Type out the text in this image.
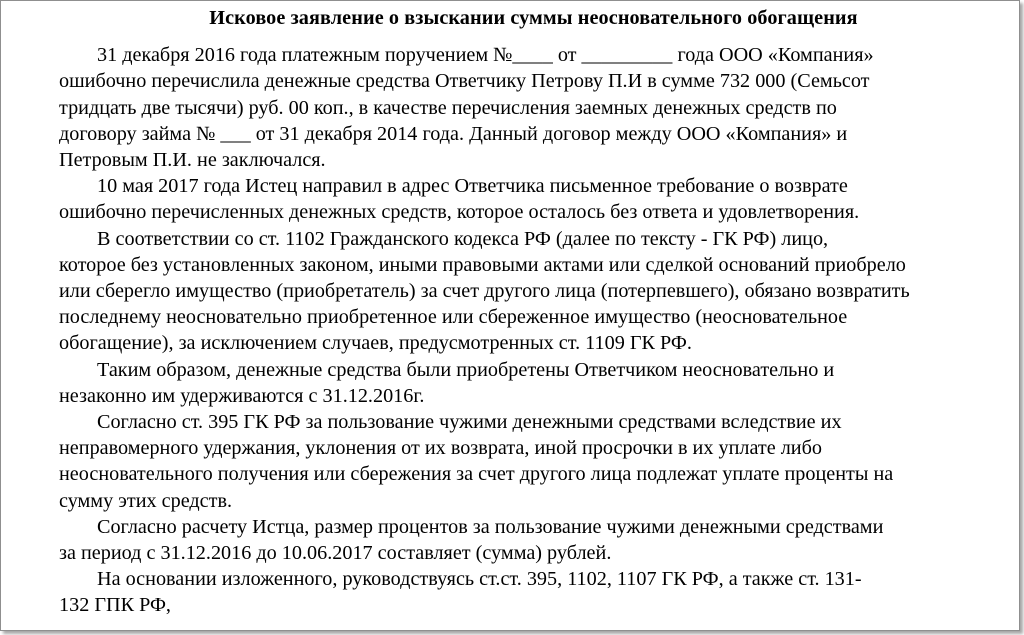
Исковое заявление о взыскании суммы неосновательного обогащения
31 декабря 2016 года платежным поручением №____ от _________ года ООО «Компания»
ошибочно перечислила денежные средства Ответчику Петрову П.И в сумме 732 000 (Семьсот
тридцать две тысячи) руб. 00 коп., в качестве перечисления заемных денежных средств по
договору займа № ___ от 31 декабря 2014 года. Данный договор между ООО «Компания» и
Петровым П.И. не заключался.
10 мая 2017 года Истец направил в адрес Ответчика письменное требование о возврате
ошибочно перечисленных денежных средств, которое осталось без ответа и удовлетворения.
В соответствии со ст. 1102 Гражданского кодекса РФ (далее по тексту - ГК РФ) лицо,
которое без установленных законом, иными правовыми актами или сделкой оснований приобрело
или сберегло имущество (приобретатель) за счет другого лица (потерпевшего), обязано возвратить
последнему неосновательно приобретенное или сбереженное имущество (неосновательное
обогащение), за исключением случаев, предусмотренных ст. 1109 ГК РФ.
Таким образом, денежные средства были приобретены Ответчиком неосновательно и
незаконно им удерживаются с 31.12.2016г.
Согласно ст. 395 ГК РФ за пользование чужими денежными средствами вследствие их
неправомерного удержания, уклонения от их возврата, иной просрочки в их уплате либо
неосновательного получения или сбережения за счет другого лица подлежат уплате проценты на
сумму этих средств.
Согласно расчету Истца, размер процентов за пользование чужими денежными средствами
за период с 31.12.2016 до 10.06.2017 составляет (сумма) рублей.
На основании изложенного, руководствуясь ст.ст. 395, 1102, 1107 ГК РФ, а также ст. 131-
132 ГПК РФ,
